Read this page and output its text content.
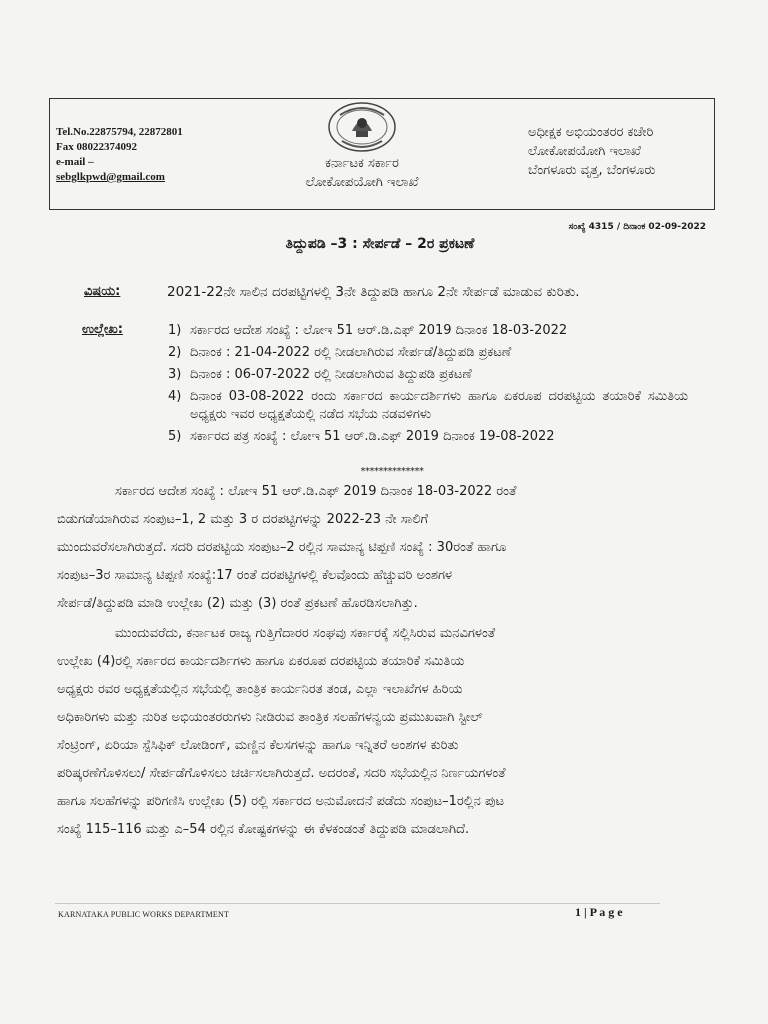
Tel.No.22875794, 22872801
Fax 08022374092
e-mail –
sebglkpwd@gmail.com
ಕರ್ನಾಟಕ ಸರ್ಕಾರ
ಲೋಕೋಪಯೋಗಿ ಇಲಾಖೆ
ಅಧೀಕ್ಷಕ ಅಭಿಯಂತರರ ಕಚೇರಿ
ಲೋಕೋಪಯೋಗಿ ಇಲಾಖೆ
ಬೆಂಗಳೂರು ವೃತ್ತ, ಬೆಂಗಳೂರು
ಸಂಖ್ಯೆ 4315 / ದಿನಾಂಕ 02-09-2022
ತಿದ್ದುಪಡಿ –3 : ಸೇರ್ಪಡೆ – 2ರ ಪ್ರಕಟಣೆ
ವಿಷಯ:	2021-22ನೇ ಸಾಲಿನ ದರಪಟ್ಟಿಗಳಲ್ಲಿ 3ನೇ ತಿದ್ದುಪಡಿ ಹಾಗೂ 2ನೇ ಸೇರ್ಪಡೆ ಮಾಡುವ ಕುರಿತು.
ಉಲ್ಲೇಖ:	1) ಸರ್ಕಾರದ ಆದೇಶ ಸಂಖ್ಯೆ : ಲೋಇ 51 ಆರ್.ಡಿ.ಎಫ್ 2019 ದಿನಾಂಕ 18-03-2022
2) ದಿನಾಂಕ : 21-04-2022 ರಲ್ಲಿ ನೀಡಲಾಗಿರುವ ಸೇರ್ಪಡೆ/ತಿದ್ದುಪಡಿ ಪ್ರಕಟಣೆ
3) ದಿನಾಂಕ : 06-07-2022 ರಲ್ಲಿ ನೀಡಲಾಗಿರುವ ತಿದ್ದುಪಡಿ ಪ್ರಕಟಣೆ
4) ದಿನಾಂಕ 03-08-2022 ರಂದು ಸರ್ಕಾರದ ಕಾರ್ಯದರ್ಶಿಗಳು ಹಾಗೂ ಏಕರೂಪ ದರಪಟ್ಟಿಯ ತಯಾರಿಕೆ ಸಮಿತಿಯ ಅಧ್ಯಕ್ಷರು ಇವರ ಅಧ್ಯಕ್ಷತೆಯಲ್ಲಿ ನಡೆದ ಸಭೆಯ ನಡವಳಿಗಳು
5) ಸರ್ಕಾರದ ಪತ್ರ ಸಂಖ್ಯೆ : ಲೋಇ 51 ಆರ್.ಡಿ.ಎಫ್ 2019 ದಿನಾಂಕ 19-08-2022
**************
ಸರ್ಕಾರದ ಆದೇಶ ಸಂಖ್ಯೆ : ಲೋಇ 51 ಆರ್.ಡಿ.ಎಫ್ 2019 ದಿನಾಂಕ 18-03-2022 ರಂತೆ
ಬಿಡುಗಡೆಯಾಗಿರುವ ಸಂಪುಟ–1, 2 ಮತ್ತು 3 ರ ದರಪಟ್ಟಿಗಳನ್ನು 2022-23 ನೇ ಸಾಲಿಗೆ
ಮುಂದುವರೆಸಲಾಗಿರುತ್ತದೆ. ಸದರಿ ದರಪಟ್ಟಿಯ ಸಂಪುಟ–2 ರಲ್ಲಿನ ಸಾಮಾನ್ಯ ಟಿಪ್ಪಣಿ ಸಂಖ್ಯೆ : 30ರಂತೆ ಹಾಗೂ
ಸಂಪುಟ–3ರ ಸಾಮಾನ್ಯ ಟಿಪ್ಪಣಿ ಸಂಖ್ಯೆ:17 ರಂತೆ ದರಪಟ್ಟಿಗಳಲ್ಲಿ ಕೆಲವೊಂದು ಹೆಚ್ಚುವರಿ ಅಂಶಗಳ
ಸೇರ್ಪಡೆ/ತಿದ್ದುಪಡಿ ಮಾಡಿ ಉಲ್ಲೇಖ (2) ಮತ್ತು (3) ರಂತೆ ಪ್ರಕಟಣೆ ಹೊರಡಿಸಲಾಗಿತ್ತು.
ಮುಂದುವರೆದು, ಕರ್ನಾಟಕ ರಾಜ್ಯ ಗುತ್ತಿಗೆದಾರರ ಸಂಘವು ಸರ್ಕಾರಕ್ಕೆ ಸಲ್ಲಿಸಿರುವ ಮನವಿಗಳಂತೆ
ಉಲ್ಲೇಖ (4)ರಲ್ಲಿ ಸರ್ಕಾರದ ಕಾರ್ಯದರ್ಶಿಗಳು ಹಾಗೂ ಏಕರೂಪ ದರಪಟ್ಟಿಯ ತಯಾರಿಕೆ ಸಮಿತಿಯ
ಅಧ್ಯಕ್ಷರು ರವರ ಅಧ್ಯಕ್ಷತೆಯಲ್ಲಿನ ಸಭೆಯಲ್ಲಿ ತಾಂತ್ರಿಕ ಕಾರ್ಯನಿರತ ತಂಡ, ಎಲ್ಲಾ ಇಲಾಖೆಗಳ ಹಿರಿಯ
ಅಧಿಕಾರಿಗಳು ಮತ್ತು ನುರಿತ ಅಭಿಯಂತರರುಗಳು ನೀಡಿರುವ ತಾಂತ್ರಿಕ ಸಲಹೆಗಳನ್ವಯ ಪ್ರಮುಖವಾಗಿ ಸ್ಟೀಲ್
ಸೆಂಟ್ರಿಂಗ್, ಏರಿಯಾ ಸ್ಪೆಸಿಫಿಕ್ ಲೋಡಿಂಗ್, ಮಣ್ಣಿನ ಕೆಲಸಗಳನ್ನು ಹಾಗೂ ಇನ್ನಿತರೆ ಅಂಶಗಳ ಕುರಿತು
ಪರಿಷ್ಕರಣೆಗೊಳಿಸಲು/ ಸೇರ್ಪಡೆಗೊಳಿಸಲು ಚರ್ಚಿಸಲಾಗಿರುತ್ತದೆ. ಅದರಂತೆ, ಸದರಿ ಸಭೆಯಲ್ಲಿನ ನಿರ್ಣಯಗಳಂತೆ
ಹಾಗೂ ಸಲಹೆಗಳನ್ನು ಪರಿಗಣಿಸಿ ಉಲ್ಲೇಖ (5) ರಲ್ಲಿ ಸರ್ಕಾರದ ಅನುಮೋದನೆ ಪಡೆದು ಸಂಪುಟ–1ರಲ್ಲಿನ ಪುಟ
ಸಂಖ್ಯೆ 115–116 ಮತ್ತು ಎ–54 ರಲ್ಲಿನ ಕೋಷ್ಟಕಗಳನ್ನು ಈ ಕೆಳಕಂಡಂತೆ ತಿದ್ದುಪಡಿ ಮಾಡಲಾಗಿದೆ.
KARNATAKA PUBLIC WORKS DEPARTMENT	1 | P a g e
